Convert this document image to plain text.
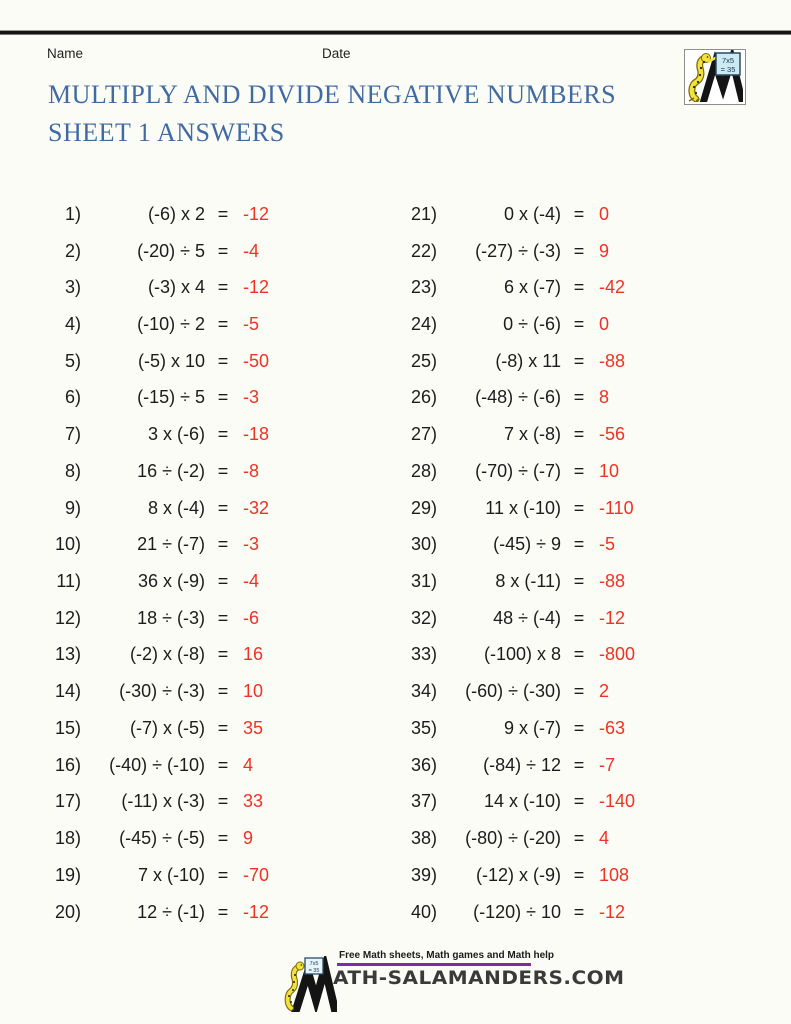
Name	Date	7x5
= 35
MULTIPLY AND DIVIDE NEGATIVE NUMBERS
SHEET 1 ANSWERS
1)	(-6) x 2 = -12
2)	(-20) ÷ 5 = -4
3)	(-3) x 4 = -12
4)	(-10) ÷ 2 = -5
5)	(-5) x 10 = -50
6)	(-15) ÷ 5 = -3
7)	3 x (-6) = -18
8)	16 ÷ (-2) = -8
9)	8 x (-4) = -32
10)	21 ÷ (-7) = -3
11)	36 x (-9) = -4
12)	18 ÷ (-3) = -6
13)	(-2) x (-8) = 16
14)	(-30) ÷ (-3) = 10
15)	(-7) x (-5) = 35
16)	(-40) ÷ (-10) = 4
17)	(-11) x (-3) = 33
18)	(-45) ÷ (-5) = 9
19)	7 x (-10) = -70
20)	12 ÷ (-1) = -12
21)	0 x (-4) = 0
22)	(-27) ÷ (-3) = 9
23)	6 x (-7) = -42
24)	0 ÷ (-6) = 0
25)	(-8) x 11 = -88
26)	(-48) ÷ (-6) = 8
27)	7 x (-8) = -56
28)	(-70) ÷ (-7) = 10
29)	11 x (-10) = -110
30)	(-45) ÷ 9 = -5
31)	8 x (-11) = -88
32)	48 ÷ (-4) = -12
33)	(-100) x 8 = -800
34)	(-60) ÷ (-30) = 2
35)	9 x (-7) = -63
36)	(-84) ÷ 12 = -7
37)	14 x (-10) = -140
38)	(-80) ÷ (-20) = 4
39)	(-12) x (-9) = 108
40)	(-120) ÷ 10 = -12
7x5
= 35
Free Math sheets, Math games and Math help
ATH-SALAMANDERS.COM
